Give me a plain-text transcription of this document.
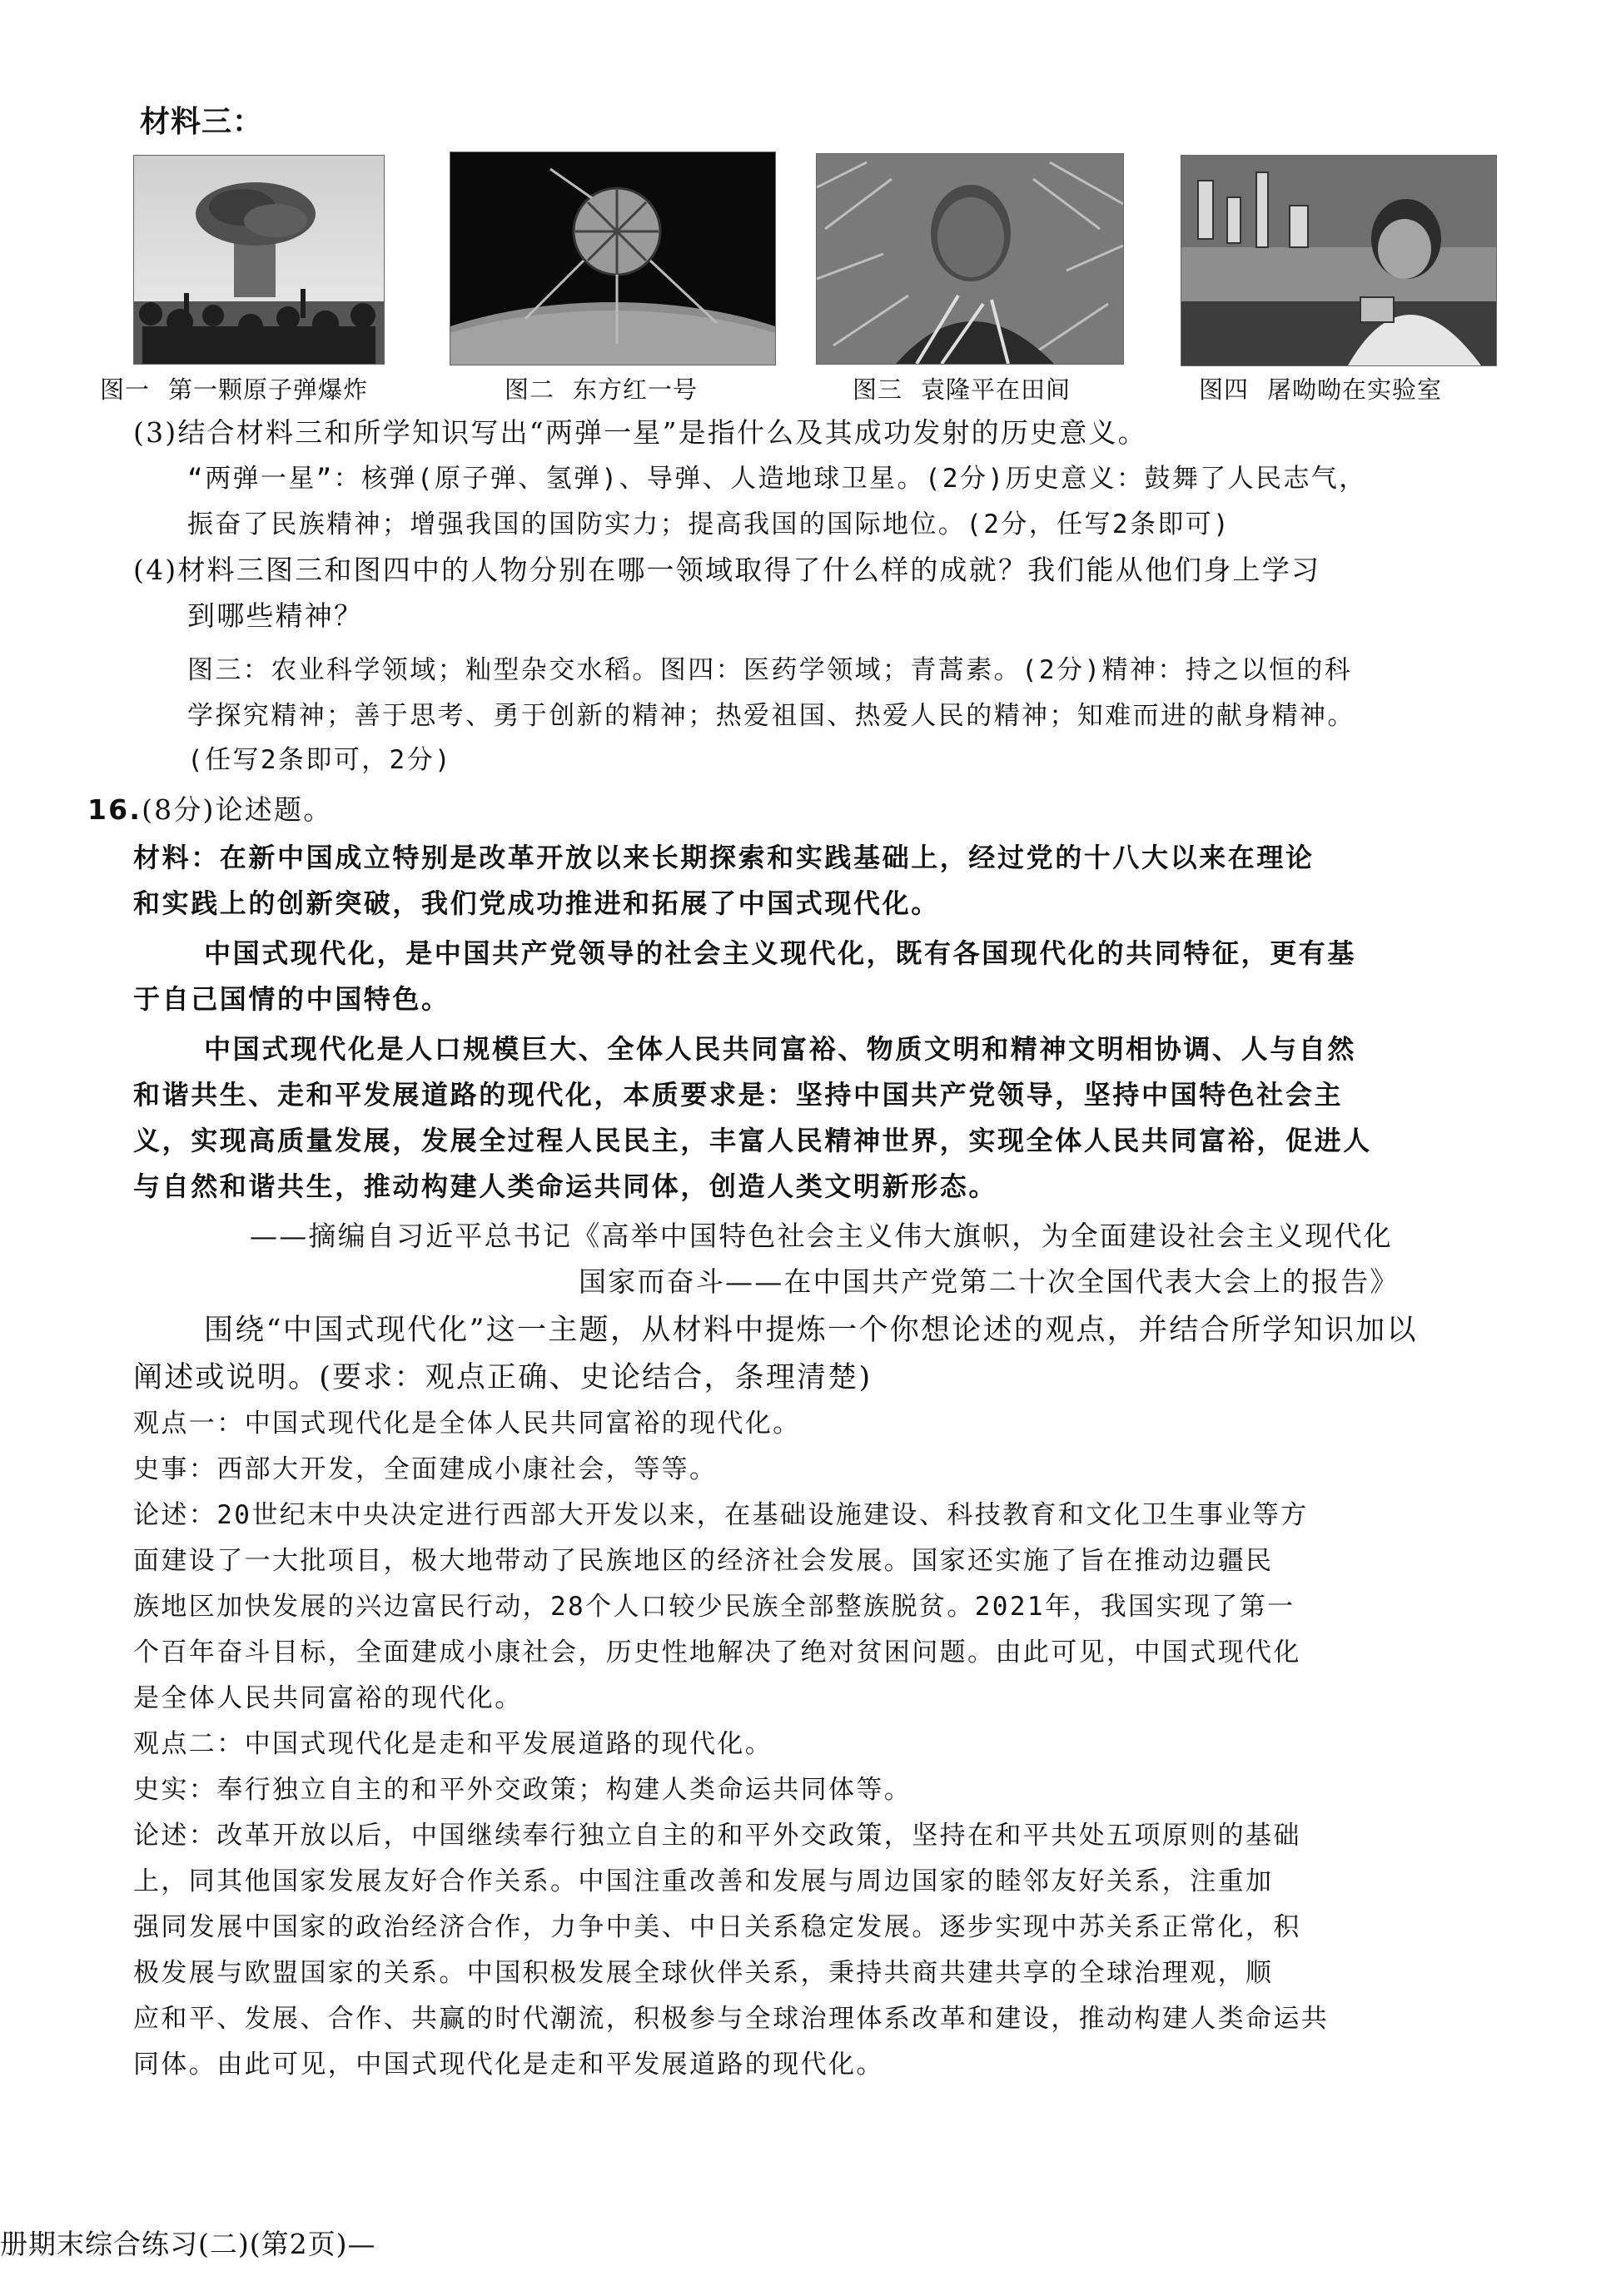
材料三：
图一 第一颗原子弹爆炸	图二 东方红一号	图三 袁隆平在田间	图四 屠呦呦在实验室
(3)结合材料三和所学知识写出“两弹一星”是指什么及其成功发射的历史意义。
“两弹一星”：核弹(原子弹、氢弹)、导弹、人造地球卫星。(2分)历史意义：鼓舞了人民志气，
振奋了民族精神；增强我国的国防实力；提高我国的国际地位。(2分，任写2条即可)
(4)材料三图三和图四中的人物分别在哪一领域取得了什么样的成就？我们能从他们身上学习
到哪些精神？
图三：农业科学领域；籼型杂交水稻。图四：医药学领域；青蒿素。(2分)精神：持之以恒的科
学探究精神；善于思考、勇于创新的精神；热爱祖国、热爱人民的精神；知难而进的献身精神。
(任写2条即可，2分)
16.(8分)论述题。
材料：在新中国成立特别是改革开放以来长期探索和实践基础上，经过党的十八大以来在理论
和实践上的创新突破，我们党成功推进和拓展了中国式现代化。
中国式现代化，是中国共产党领导的社会主义现代化，既有各国现代化的共同特征，更有基
于自己国情的中国特色。
中国式现代化是人口规模巨大、全体人民共同富裕、物质文明和精神文明相协调、人与自然
和谐共生、走和平发展道路的现代化，本质要求是：坚持中国共产党领导，坚持中国特色社会主
义，实现高质量发展，发展全过程人民民主，丰富人民精神世界，实现全体人民共同富裕，促进人
与自然和谐共生，推动构建人类命运共同体，创造人类文明新形态。
——摘编自习近平总书记《高举中国特色社会主义伟大旗帜，为全面建设社会主义现代化
国家而奋斗——在中国共产党第二十次全国代表大会上的报告》
围绕“中国式现代化”这一主题，从材料中提炼一个你想论述的观点，并结合所学知识加以
阐述或说明。(要求：观点正确、史论结合，条理清楚)
观点一：中国式现代化是全体人民共同富裕的现代化。
史事：西部大开发，全面建成小康社会，等等。
论述：20世纪末中央决定进行西部大开发以来，在基础设施建设、科技教育和文化卫生事业等方
面建设了一大批项目，极大地带动了民族地区的经济社会发展。国家还实施了旨在推动边疆民
族地区加快发展的兴边富民行动，28个人口较少民族全部整族脱贫。2021年，我国实现了第一
个百年奋斗目标，全面建成小康社会，历史性地解决了绝对贫困问题。由此可见，中国式现代化
是全体人民共同富裕的现代化。
观点二：中国式现代化是走和平发展道路的现代化。
史实：奉行独立自主的和平外交政策；构建人类命运共同体等。
论述：改革开放以后，中国继续奉行独立自主的和平外交政策，坚持在和平共处五项原则的基础
上，同其他国家发展友好合作关系。中国注重改善和发展与周边国家的睦邻友好关系，注重加
强同发展中国家的政治经济合作，力争中美、中日关系稳定发展。逐步实现中苏关系正常化，积
极发展与欧盟国家的关系。中国积极发展全球伙伴关系，秉持共商共建共享的全球治理观，顺
应和平、发展、合作、共赢的时代潮流，积极参与全球治理体系改革和建设，推动构建人类命运共
同体。由此可见，中国式现代化是走和平发展道路的现代化。
册期末综合练习(二)(第2页)—
